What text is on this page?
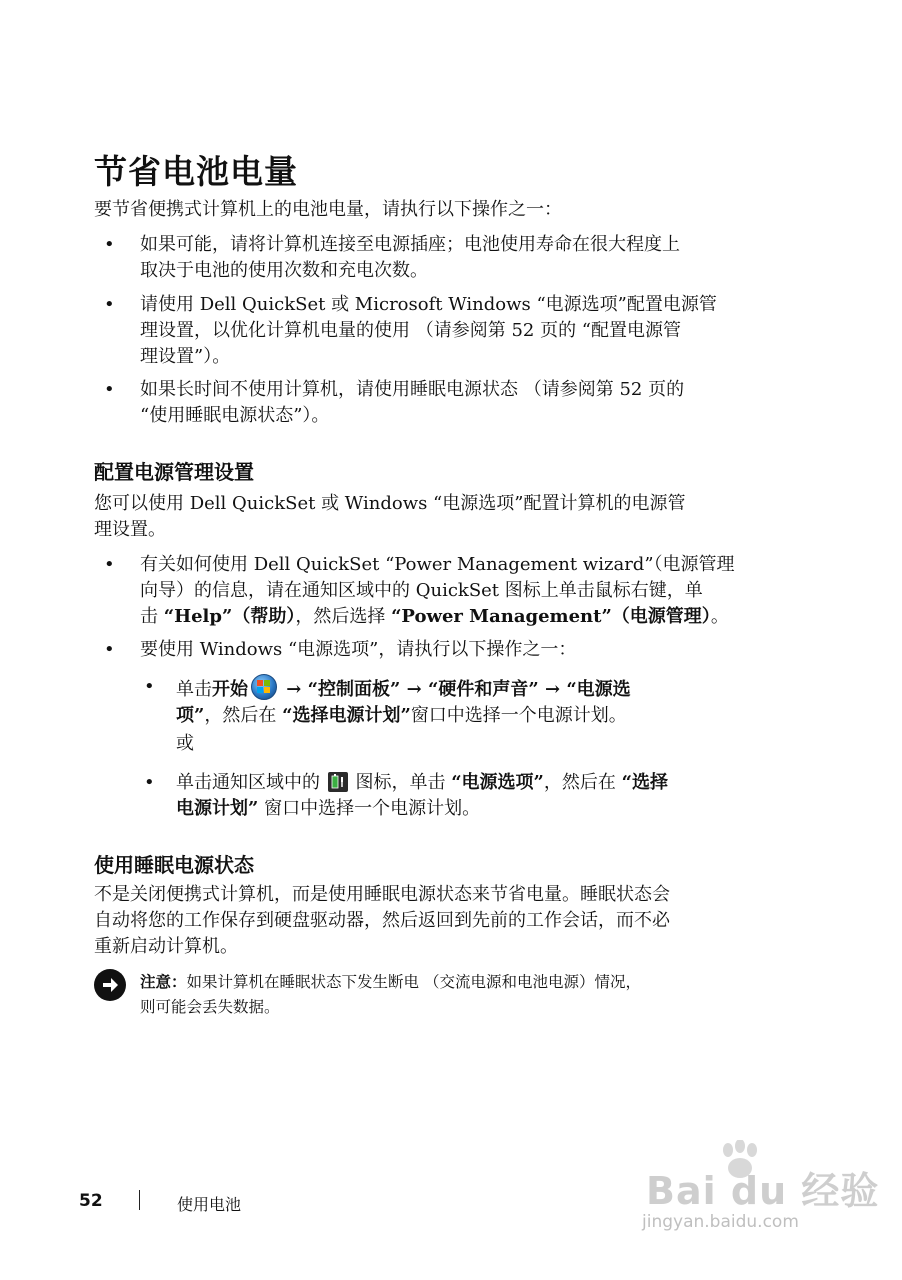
节省电池电量
要节省便携式计算机上的电池电量，请执行以下操作之一：
• 如果可能，请将计算机连接至电源插座；电池使用寿命在很大程度上
取决于电池的使用次数和充电次数。
• 请使用 Dell QuickSet 或 Microsoft Windows “电源选项”配置电源管
理设置，以优化计算机电量的使用 （请参阅第 52 页的 “配置电源管
理设置”）。
• 如果长时间不使用计算机，请使用睡眠电源状态 （请参阅第 52 页的
“使用睡眠电源状态”）。
配置电源管理设置
您可以使用 Dell QuickSet 或 Windows “电源选项”配置计算机的电源管
理设置。
• 有关如何使用 Dell QuickSet “Power Management wizard”（电源管理
向导）的信息，请在通知区域中的 QuickSet 图标上单击鼠标右键，单
击 “Help”（帮助），然后选择 “Power Management”（电源管理）。
• 要使用 Windows “电源选项”，请执行以下操作之一：
• 单击开始
→ “控制面板” → “硬件和声音” → “电源选
项”，然后在 “选择电源计划”窗口中选择一个电源计划。
或
• 单击通知区域中的
图标，单击 “电源选项”，然后在 “选择
电源计划” 窗口中选择一个电源计划。
使用睡眠电源状态
不是关闭便携式计算机，而是使用睡眠电源状态来节省电量。睡眠状态会
自动将您的工作保存到硬盘驱动器，然后返回到先前的工作会话，而不必
重新启动计算机。
注意：如果计算机在睡眠状态下发生断电 （交流电源和电池电源）情况，
则可能会丢失数据。
52	使用电池	Bai du 经验
jingyan.baidu.com
